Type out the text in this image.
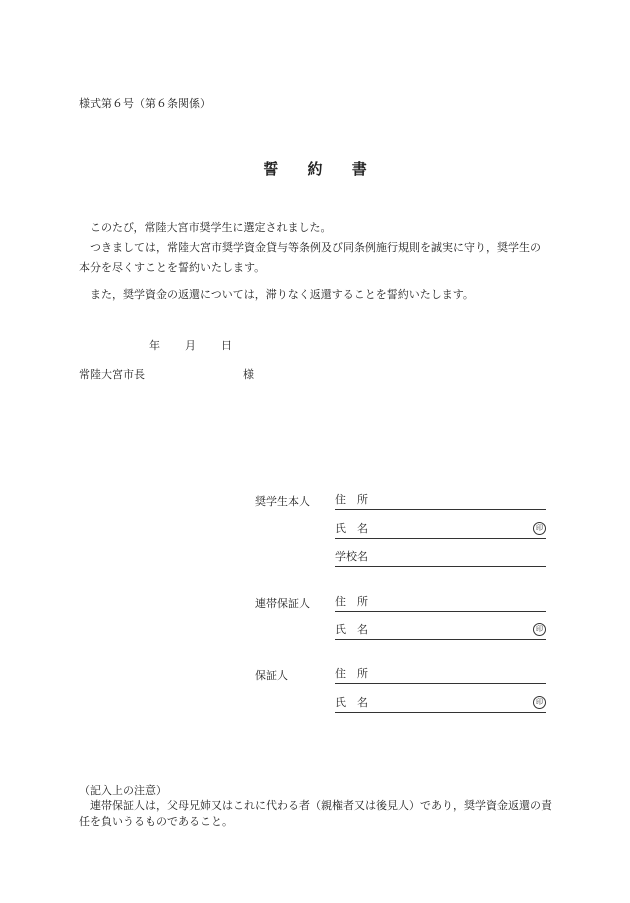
様式第６号（第６条関係）
誓 約 書
このたび，常陸大宮市奨学生に選定されました。
つきましては，常陸大宮市奨学資金貸与等条例及び同条例施行規則を誠実に守り，奨学生の本分を尽くすことを誓約いたします。
また，奨学資金の返還については，滞りなく返還することを誓約いたします。
年 月 日
常陸大宮市長	様
奨学生本人 住　所
氏　名	印
学校名
連帯保証人 住　所
氏　名	印
保証人	住　所
氏　名	印
（記入上の注意）
連帯保証人は，父母兄姉又はこれに代わる者（親権者又は後見人）であり，奨学資金返還の責任を負いうるものであること。
